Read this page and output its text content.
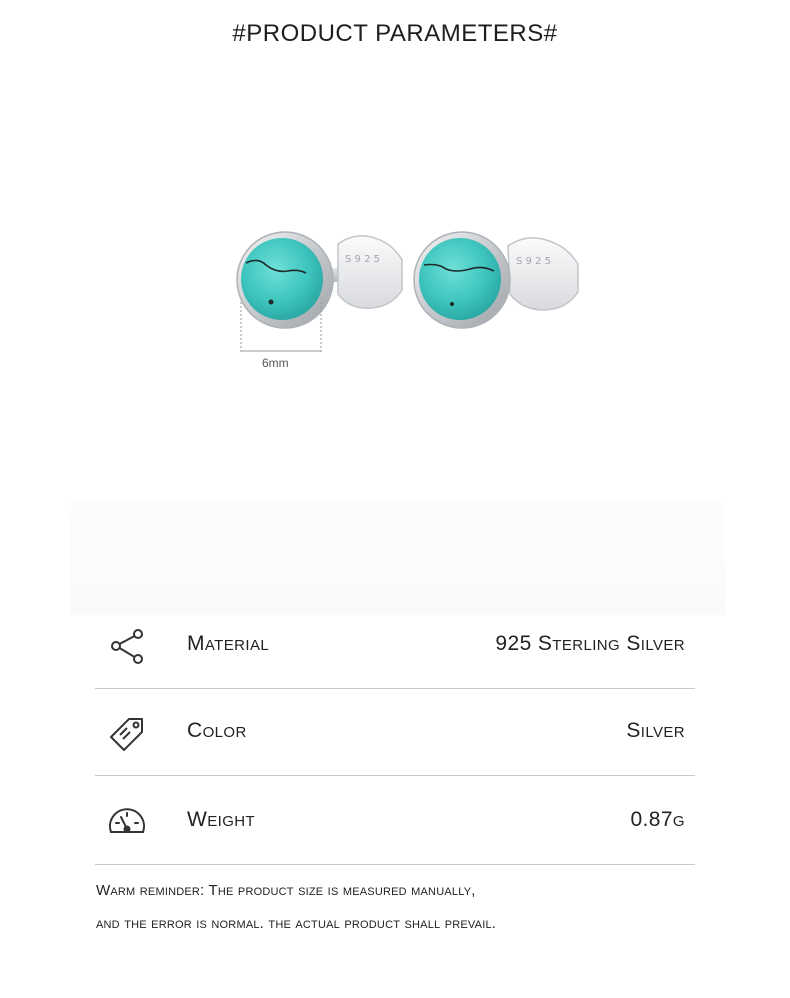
#PRODUCT PARAMETERS#
S 9 2 5	S 9 2 5
6mm
Material	925 Sterling Silver
Color	Silver
Weight	0.87g
Warm reminder: The product size is measured manually,
and the error is normal. the actual product shall prevail.
